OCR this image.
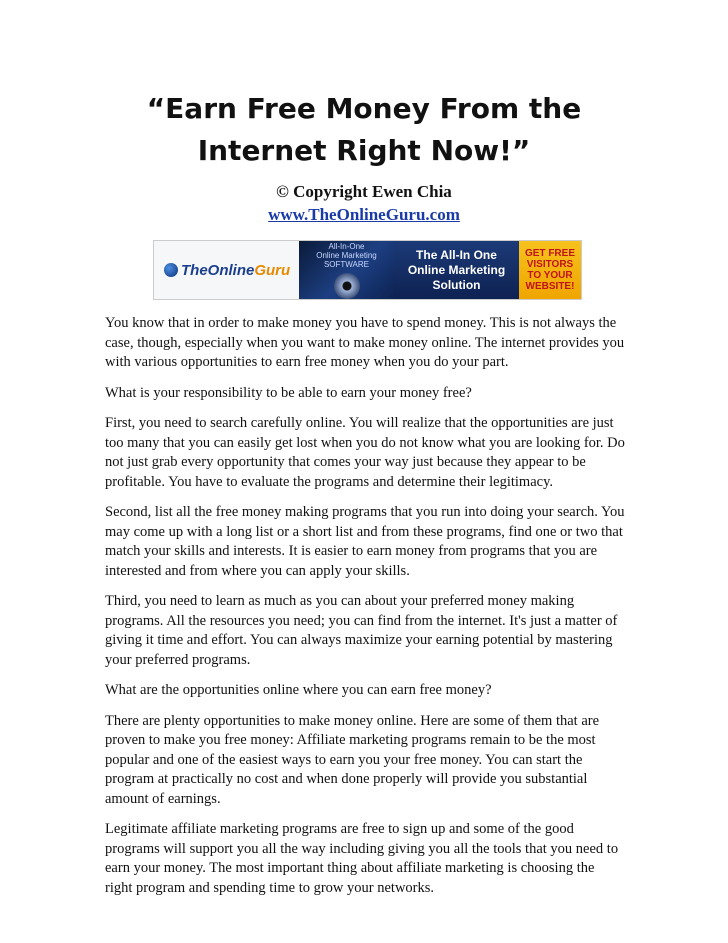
“Earn Free Money From the
Internet Right Now!”
© Copyright Ewen Chia
www.TheOnlineGuru.com
TheOnline Guru
All-In-One
Online Marketing
SOFTWARE
The All-In One
Online Marketing
Solution
GET FREE
VISITORS
TO YOUR
WEBSITE!

You know that in order to make money you have to spend money. This is not always the case, though, especially when you want to make money online. The internet provides you with various opportunities to earn free money when you do your part.

What is your responsibility to be able to earn your money free?

First, you need to search carefully online. You will realize that the opportunities are just too many that you can easily get lost when you do not know what you are looking for. Do not just grab every opportunity that comes your way just because they appear to be profitable. You have to evaluate the programs and determine their legitimacy.

Second, list all the free money making programs that you run into doing your search. You may come up with a long list or a short list and from these programs, find one or two that match your skills and interests. It is easier to earn money from programs that you are interested and from where you can apply your skills.

Third, you need to learn as much as you can about your preferred money making programs. All the resources you need; you can find from the internet. It's just a matter of giving it time and effort. You can always maximize your earning potential by mastering your preferred programs.

What are the opportunities online where you can earn free money?

There are plenty opportunities to make money online. Here are some of them that are proven to make you free money: Affiliate marketing programs remain to be the most popular and one of the easiest ways to earn you your free money. You can start the program at practically no cost and when done properly will provide you substantial amount of earnings.

Legitimate affiliate marketing programs are free to sign up and some of the good programs will support you all the way including giving you all the tools that you need to earn your money. The most important thing about affiliate marketing is choosing the right program and spending time to grow your networks.
